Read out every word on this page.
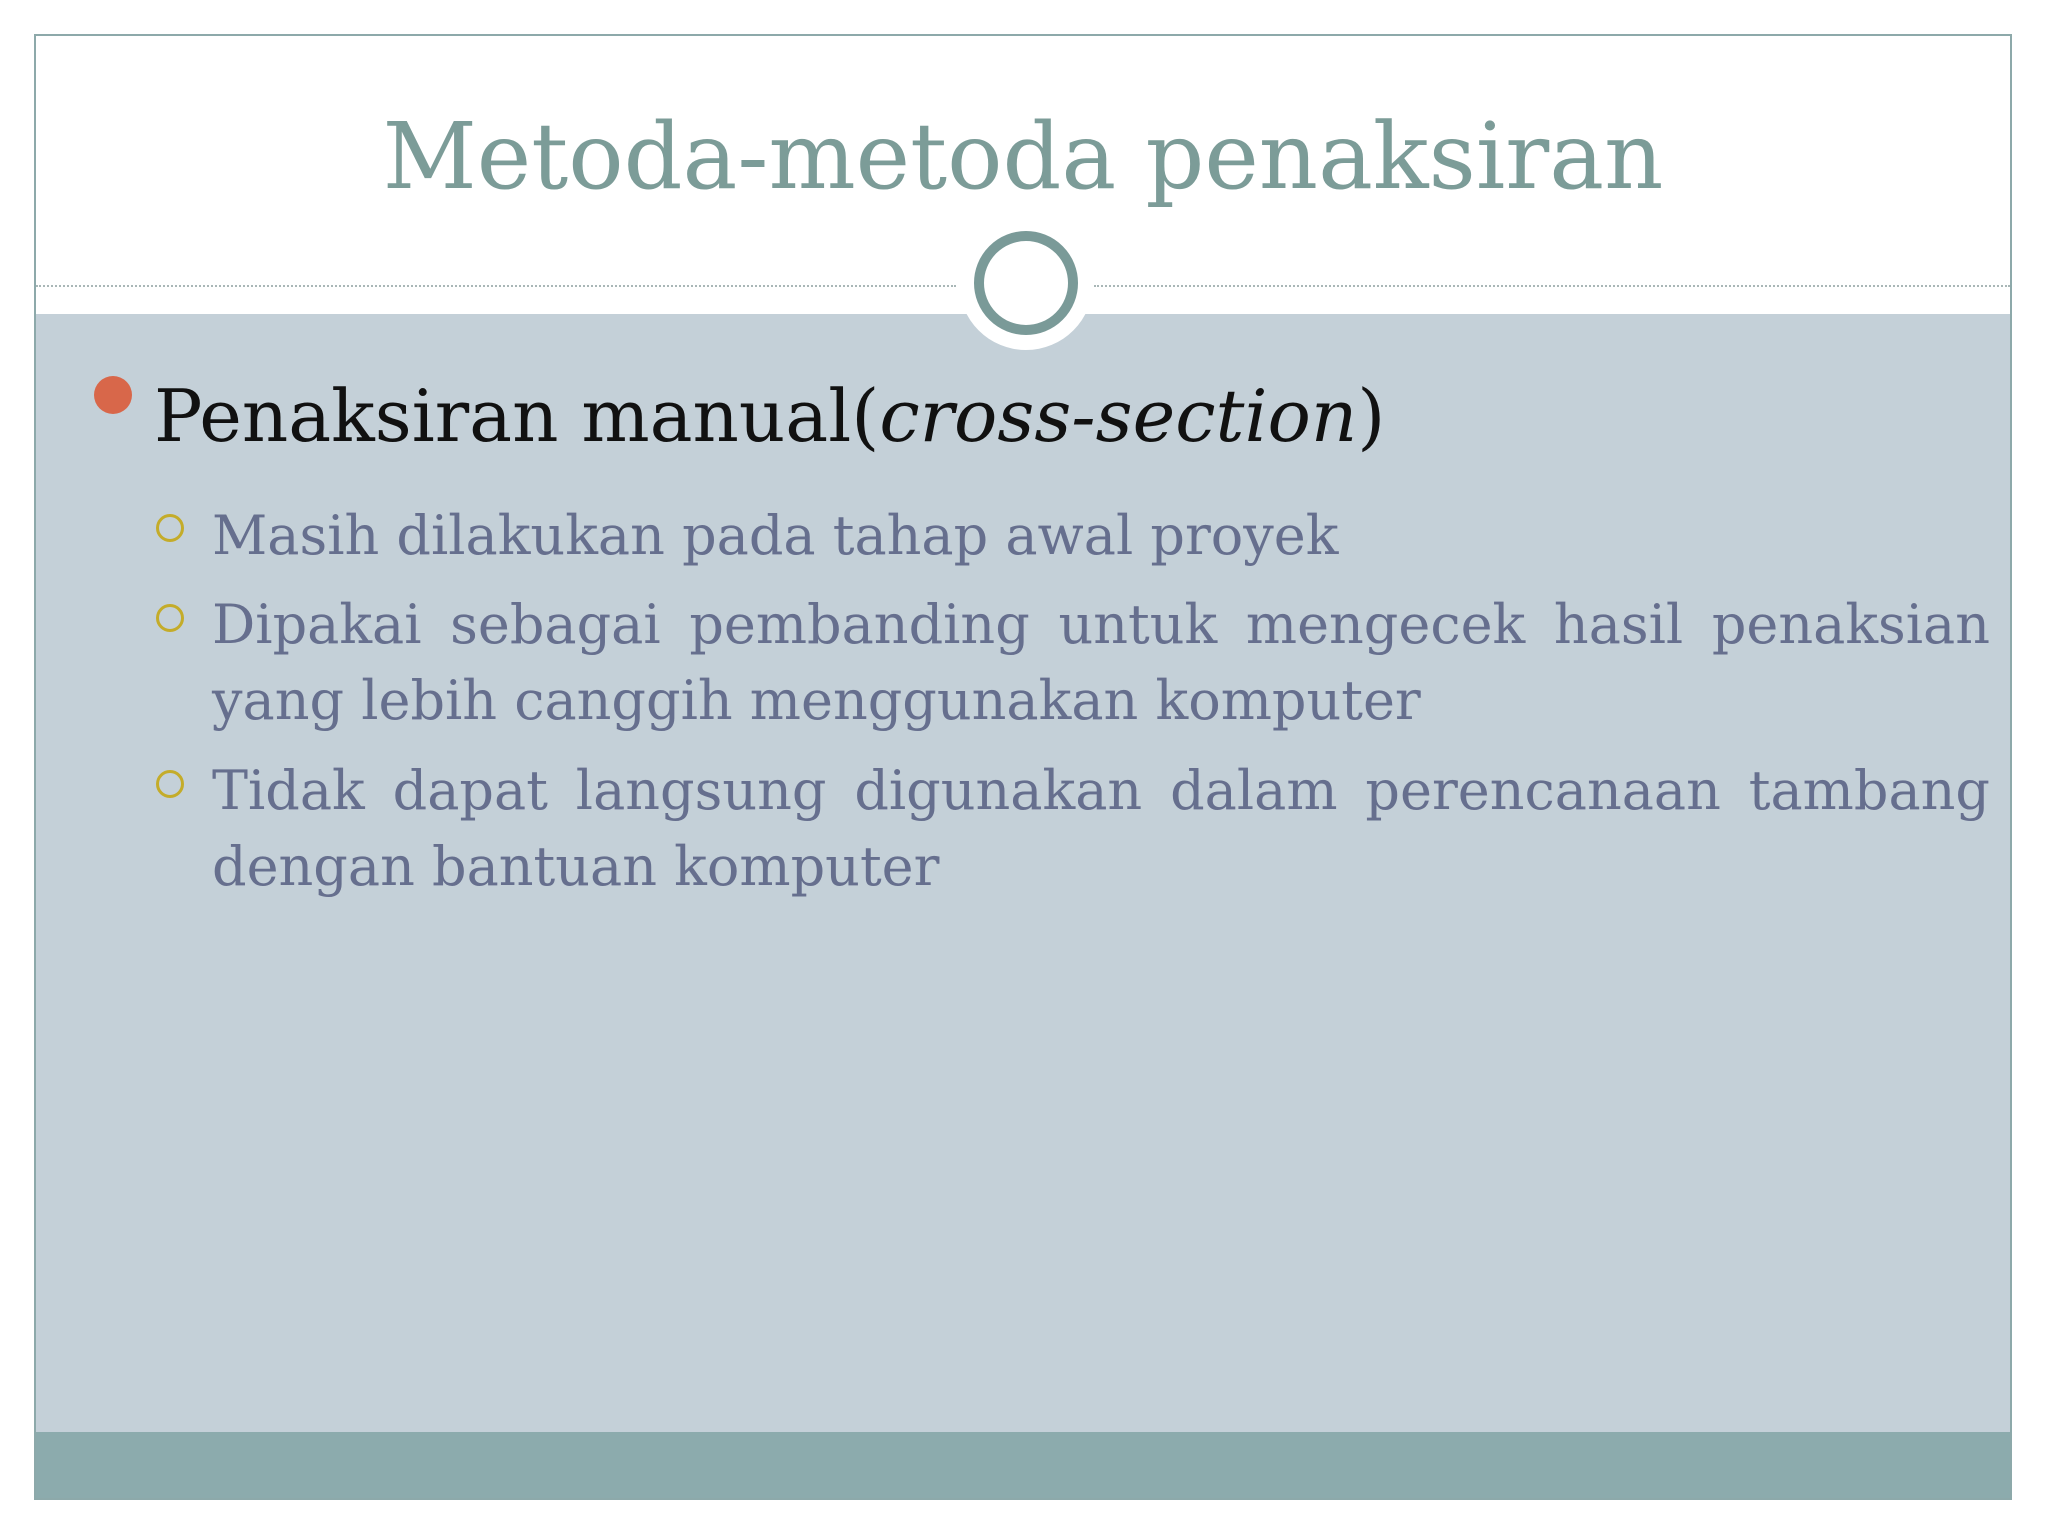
Metoda-metoda penaksiran
Penaksiran manual(cross-section)
Masih dilakukan pada tahap awal proyek
Dipakai sebagai pembanding untuk mengecek hasil penaksian yang lebih canggih menggunakan komputer
Tidak dapat langsung digunakan dalam perencanaan tambang dengan bantuan komputer
